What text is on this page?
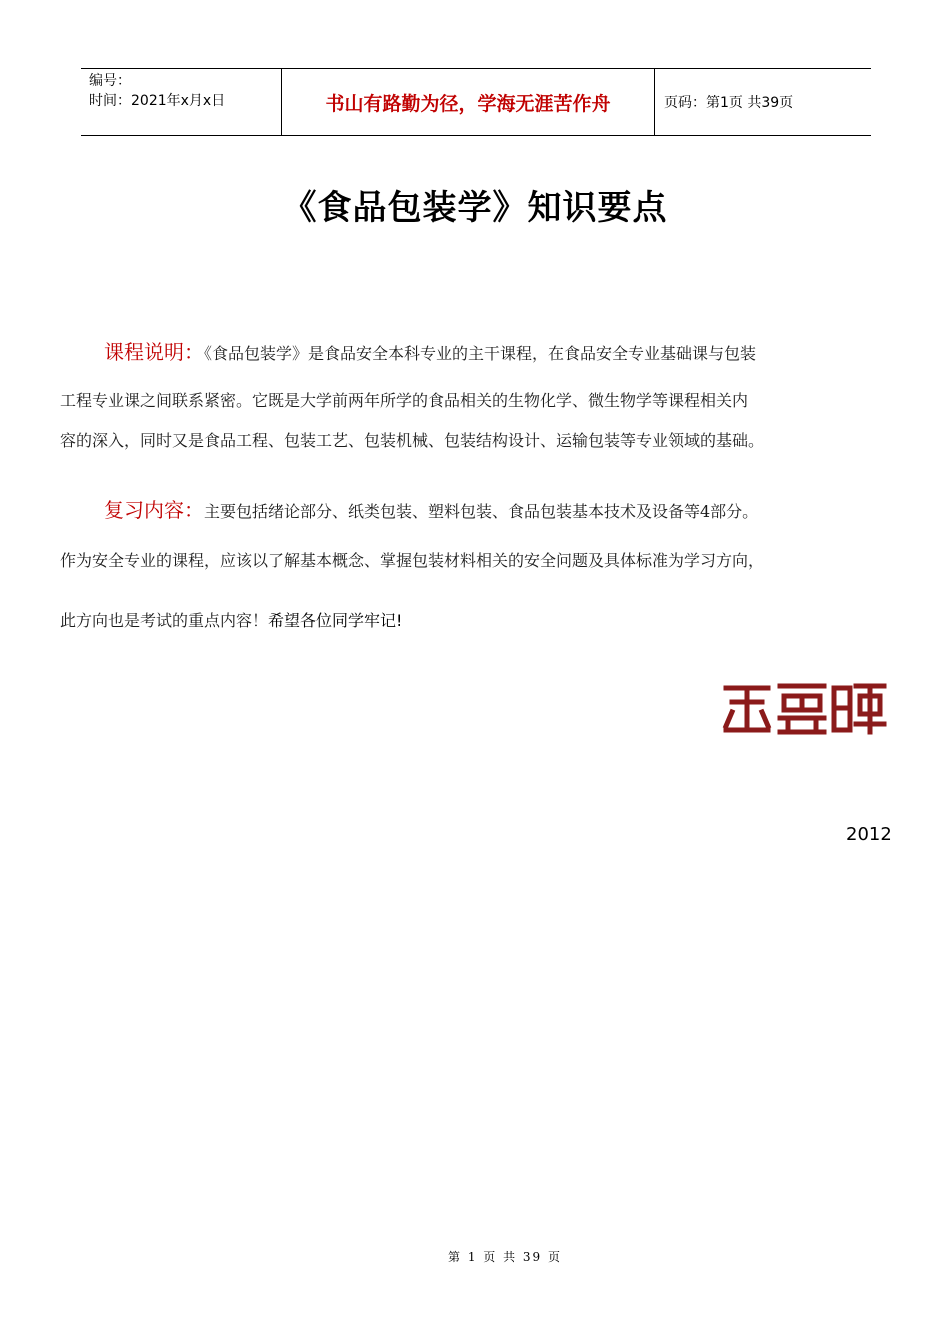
编号：
时间：2021年x月x日	书山有路勤为径，学海无涯苦作舟	页码：第1页 共39页
《食品包装学》知识要点
课程说明：《食品包装学》是食品安全本科专业的主干课程，在食品安全专业基础课与包装
工程专业课之间联系紧密。它既是大学前两年所学的食品相关的生物化学、微生物学等课程相关内
容的深入，同时又是食品工程、包装工艺、包装机械、包装结构设计、运输包装等专业领域的基础。
复习内容：主要包括绪论部分、纸类包装、塑料包装、食品包装基本技术及设备等4部分。
作为安全专业的课程，应该以了解基本概念、掌握包装材料相关的安全问题及具体标准为学习方向，
此方向也是考试的重点内容！希望各位同学牢记!
2012
第 1 页 共 39 页
